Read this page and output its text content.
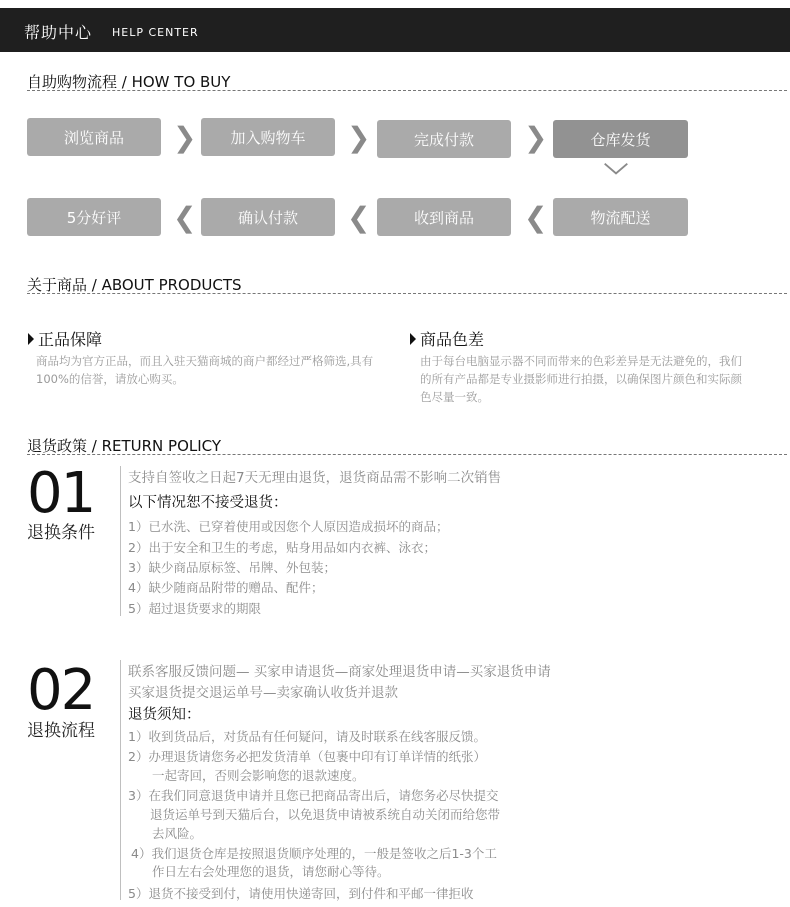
帮助中心 HELP CENTER
自助购物流程 / HOW TO BUY
浏览商品	❯	加入购物车	❯	完成付款	❯	仓库发货
﹀
5分好评	❮	确认付款	❮	收到商品	❮	物流配送
关于商品 / ABOUT PRODUCTS
正品保障
商品均为官方正品，而且入驻天猫商城的商户都经过严格筛选,具有
100%的信誉，请放心购买。
商品色差
由于每台电脑显示器不同而带来的色彩差异是无法避免的，我们
的所有产品都是专业摄影师进行拍摄，以确保图片颜色和实际颜
色尽量一致。
退货政策 / RETURN POLICY
01
退换条件
支持自签收之日起7天无理由退货，退货商品需不影响二次销售
以下情况恕不接受退货：
1）已水洗、已穿着使用或因您个人原因造成损坏的商品；
2）出于安全和卫生的考虑，贴身用品如内衣裤、泳衣；
3）缺少商品原标签、吊牌、外包装；
4）缺少随商品附带的赠品、配件；
5）超过退货要求的期限
02
退换流程
联系客服反馈问题— 买家申请退货—商家处理退货申请—买家退货申请
买家退货提交退运单号—卖家确认收货并退款
退货须知：
1）收到货品后，对货品有任何疑问，请及时联系在线客服反馈。
2）办理退货请您务必把发货清单（包裹中印有订单详情的纸张）
一起寄回，否则会影响您的退款速度。
3）在我们同意退货申请并且您已把商品寄出后，请您务必尽快提交
退货运单号到天猫后台，以免退货申请被系统自动关闭而给您带
去风险。
4）我们退货仓库是按照退货顺序处理的，一般是签收之后1-3个工
作日左右会处理您的退货，请您耐心等待。
5）退货不接受到付，请使用快递寄回，到付件和平邮一律拒收
